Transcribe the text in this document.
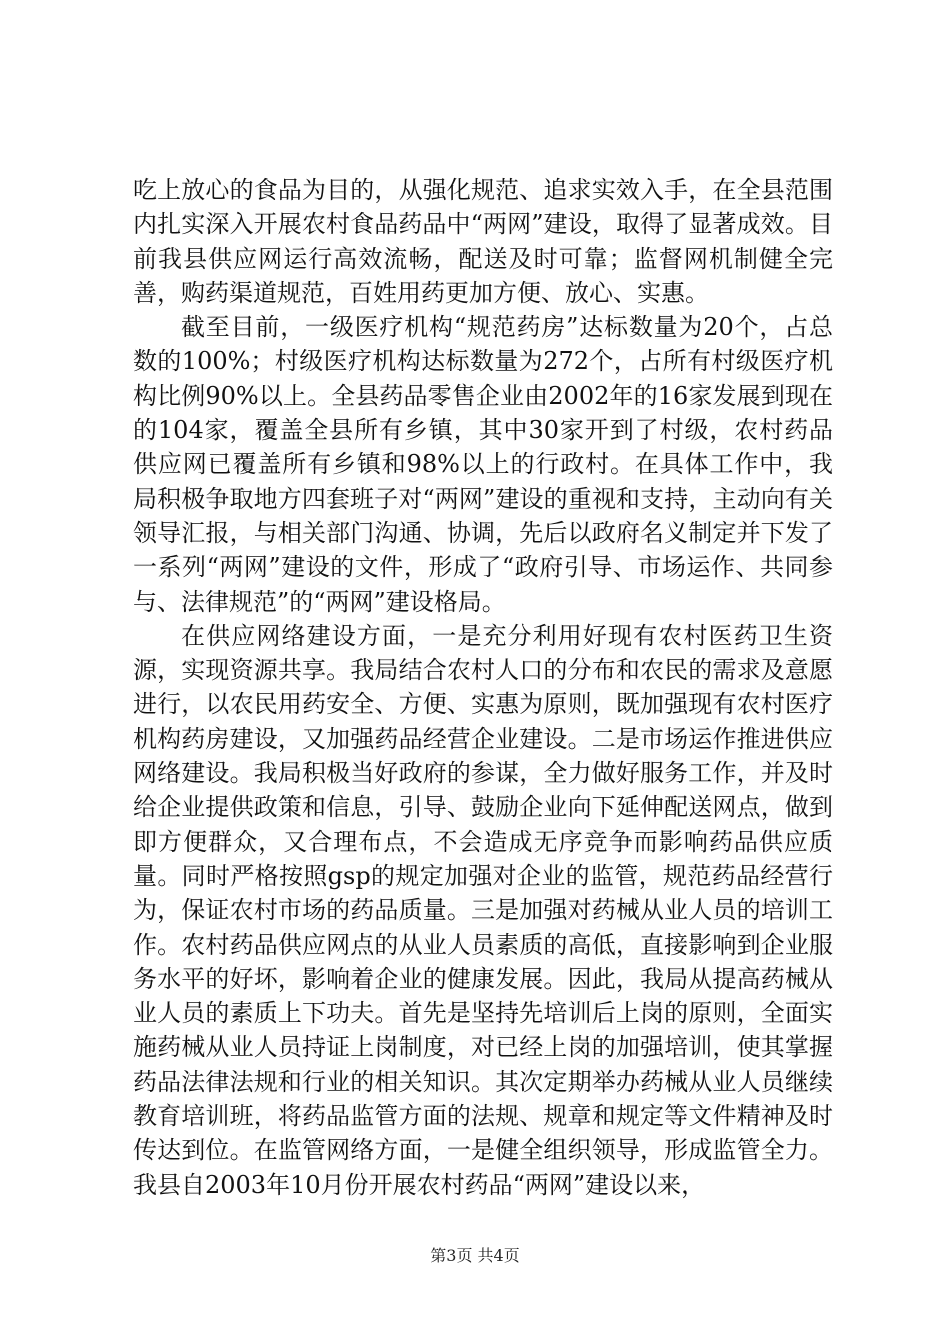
吃上放心的食品为目的，从强化规范、追求实效入手，在全县范围内扎实深入开展农村食品药品中“两网”建设，取得了显著成效。目前我县供应网运行高效流畅，配送及时可靠；监督网机制健全完善，购药渠道规范，百姓用药更加方便、放心、实惠。

截至目前，一级医疗机构“规范药房”达标数量为20个，占总数的100%；村级医疗机构达标数量为272个，占所有村级医疗机构比例90%以上。全县药品零售企业由2002年的16家发展到现在的104家，覆盖全县所有乡镇，其中30家开到了村级，农村药品供应网已覆盖所有乡镇和98%以上的行政村。在具体工作中，我局积极争取地方四套班子对“两网”建设的重视和支持，主动向有关领导汇报，与相关部门沟通、协调，先后以政府名义制定并下发了一系列“两网”建设的文件，形成了“政府引导、市场运作、共同参与、法律规范”的“两网”建设格局。

在供应网络建设方面，一是充分利用好现有农村医药卫生资源，实现资源共享。我局结合农村人口的分布和农民的需求及意愿进行，以农民用药安全、方便、实惠为原则，既加强现有农村医疗机构药房建设，又加强药品经营企业建设。二是市场运作推进供应网络建设。我局积极当好政府的参谋，全力做好服务工作，并及时给企业提供政策和信息，引导、鼓励企业向下延伸配送网点，做到即方便群众，又合理布点，不会造成无序竞争而影响药品供应质量。同时严格按照gsp的规定加强对企业的监管，规范药品经营行为，保证农村市场的药品质量。三是加强对药械从业人员的培训工作。农村药品供应网点的从业人员素质的高低，直接影响到企业服务水平的好坏，影响着企业的健康发展。因此，我局从提高药械从业人员的素质上下功夫。首先是坚持先培训后上岗的原则，全面实施药械从业人员持证上岗制度，对已经上岗的加强培训，使其掌握药品法律法规和行业的相关知识。其次定期举办药械从业人员继续教育培训班，将药品监管方面的法规、规章和规定等文件精神及时传达到位。在监管网络方面，一是健全组织领导，形成监管全力。我县自2003年10月份开展农村药品“两网”建设以来，

第3页 共4页
